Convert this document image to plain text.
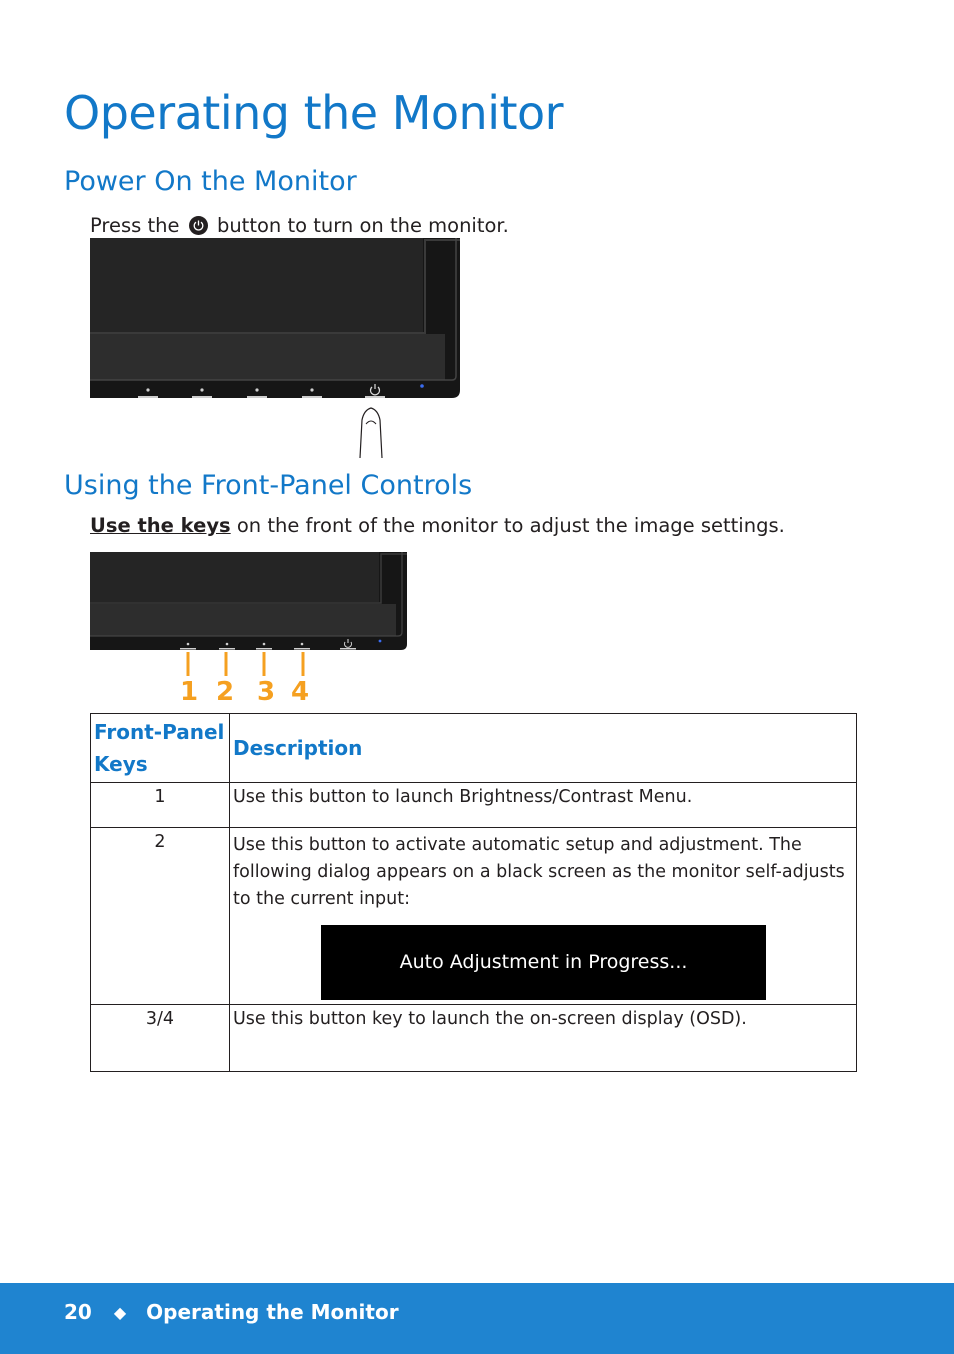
Operating the Monitor
Power On the Monitor
Press the button to turn on the monitor.
Using the Front-Panel Controls
Use the keys on the front of the monitor to adjust the image settings.
1 2 3 4
Front-Panel Keys	Description
1	Use this button to launch Brightness/Contrast Menu.
2	Use this button to activate automatic setup and adjustment. The following dialog appears on a black screen as the monitor self-adjusts to the current input:
Auto Adjustment in Progress...

3/4	Use this button key to launch the on-screen display (OSD).
20 ◆ Operating the Monitor
